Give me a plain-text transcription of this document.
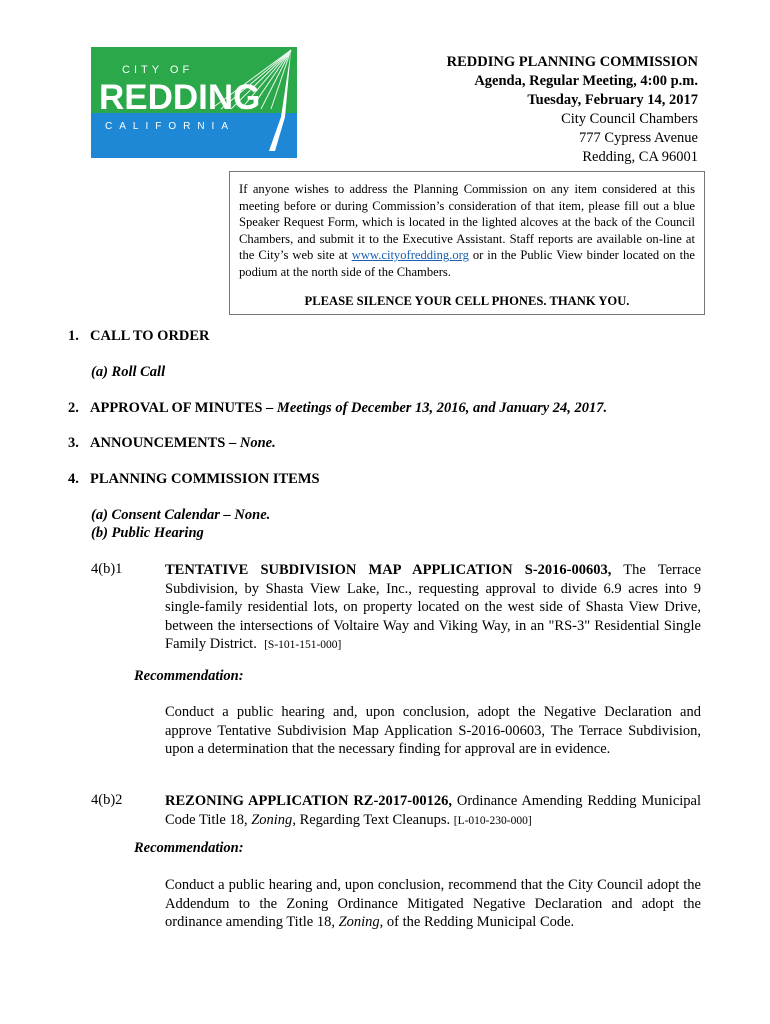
CITY OF
REDDING
CALIFORNIA
REDDING PLANNING COMMISSION
Agenda, Regular Meeting, 4:00 p.m.
Tuesday, February 14, 2017
City Council Chambers
777 Cypress Avenue
Redding, CA 96001

If anyone wishes to address the Planning Commission on any item considered at this meeting before or during Commission’s consideration of that item, please fill out a blue Speaker Request Form, which is located in the lighted alcoves at the back of the Council Chambers, and submit it to the Executive Assistant. Staff reports are available on-line at the City’s web site at www.cityofredding.org or in the Public View binder located on the podium at the north side of the Chambers.

PLEASE SILENCE YOUR CELL PHONES. THANK YOU.

1. CALL TO ORDER
(a) Roll Call
2. APPROVAL OF MINUTES – Meetings of December 13, 2016, and January 24, 2017.
3. ANNOUNCEMENTS – None.
4. PLANNING COMMISSION ITEMS
(a) Consent Calendar – None.
(b) Public Hearing
4(b)1	TENTATIVE SUBDIVISION MAP APPLICATION S-2016-00603, The Terrace Subdivision, by Shasta View Lake, Inc., requesting approval to divide 6.9 acres into 9 single-family residential lots, on property located on the west side of Shasta View Drive, between the intersections of Voltaire Way and Viking Way, in an "RS-3" Residential Single Family District. [S-101-151-000]
Recommendation:
Conduct a public hearing and, upon conclusion, adopt the Negative Declaration and approve Tentative Subdivision Map Application S-2016-00603, The Terrace Subdivision, upon a determination that the necessary finding for approval are in evidence.
4(b)2	REZONING APPLICATION RZ-2017-00126, Ordinance Amending Redding Municipal Code Title 18, Zoning, Regarding Text Cleanups. [L-010-230-000]
Recommendation:
Conduct a public hearing and, upon conclusion, recommend that the City Council adopt the Addendum to the Zoning Ordinance Mitigated Negative Declaration and adopt the ordinance amending Title 18, Zoning, of the Redding Municipal Code.
